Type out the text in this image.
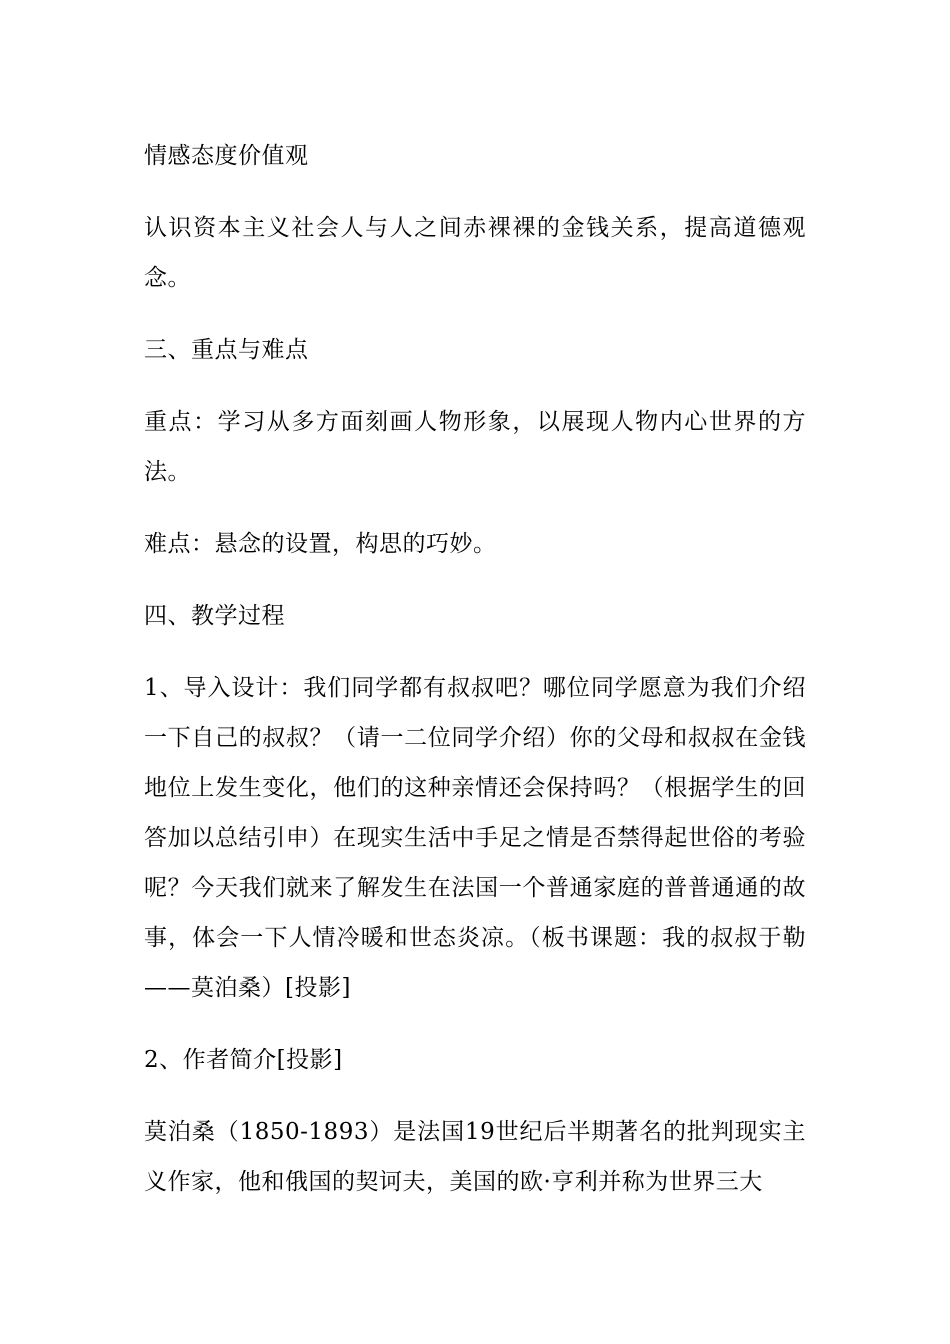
情感态度价值观

认识资本主义社会人与人之间赤裸裸的金钱关系，提高道德观念。

三、重点与难点

重点：学习从多方面刻画人物形象，以展现人物内心世界的方法。

难点：悬念的设置，构思的巧妙。

四、教学过程

1、导入设计：我们同学都有叔叔吧？哪位同学愿意为我们介绍一下自己的叔叔？（请一二位同学介绍）你的父母和叔叔在金钱地位上发生变化，他们的这种亲情还会保持吗？（根据学生的回答加以总结引申）在现实生活中手足之情是否禁得起世俗的考验呢？今天我们就来了解发生在法国一个普通家庭的普普通通的故事，体会一下人情冷暖和世态炎凉。（板书课题：我的叔叔于勒——莫泊桑）[投影]

2、作者简介[投影]

莫泊桑（1850-1893）是法国19世纪后半期著名的批判现实主义作家，他和俄国的契诃夫，美国的欧·亨利并称为世界三大
